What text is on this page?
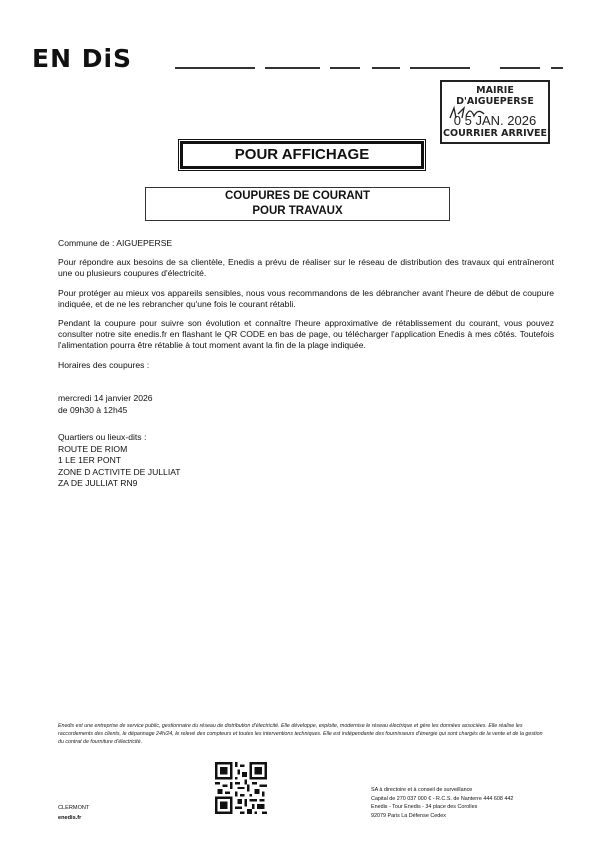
EN DiS
MAIRIE D'AIGUEPERSE
0 5 JAN. 2026
COURRIER ARRIVEE
POUR AFFICHAGE
COUPURES DE COURANT
POUR TRAVAUX

Commune de : AIGUEPERSE

Pour répondre aux besoins de sa clientèle, Enedis a prévu de réaliser sur le réseau de distribution des travaux qui entraîneront une ou plusieurs coupures d'électricité.

Pour protéger au mieux vos appareils sensibles, nous vous recommandons de les débrancher avant l'heure de début de coupure indiquée, et de ne les rebrancher qu'une fois le courant rétabli.

Pendant la coupure pour suivre son évolution et connaître l'heure approximative de rétablissement du courant, vous pouvez consulter notre site enedis.fr en flashant le QR CODE en bas de page, ou télécharger l'application Enedis à mes côtés. Toutefois l'alimentation pourra être rétablie à tout moment avant la fin de la plage indiquée.

Horaires des coupures :

mercredi 14 janvier 2026
de 09h30 à 12h45
Quartiers ou lieux-dits :
ROUTE DE RIOM
1 LE 1ER PONT
ZONE D ACTIVITE DE JULLIAT
ZA DE JULLIAT RN9
Enedis est une entreprise de service public, gestionnaire du réseau de distribution d'électricité. Elle développe, exploite, modernise le réseau électrique et gère les données associées. Elle réalise les raccordements des clients, le dépannage 24h/24, le relevé des compteurs et toutes les interventions techniques. Elle est indépendante des fournisseurs d'énergie qui sont chargés de la vente et de la gestion du contrat de fourniture d'électricité.
CLERMONT
enedis.fr
SA à directoire et à conseil de surveillance
Capital de 270 037 000 € - R.C.S. de Nanterre 444 608 442
Enedis - Tour Enedis - 34 place des Corolles
92079 Paris La Défense Cedex
